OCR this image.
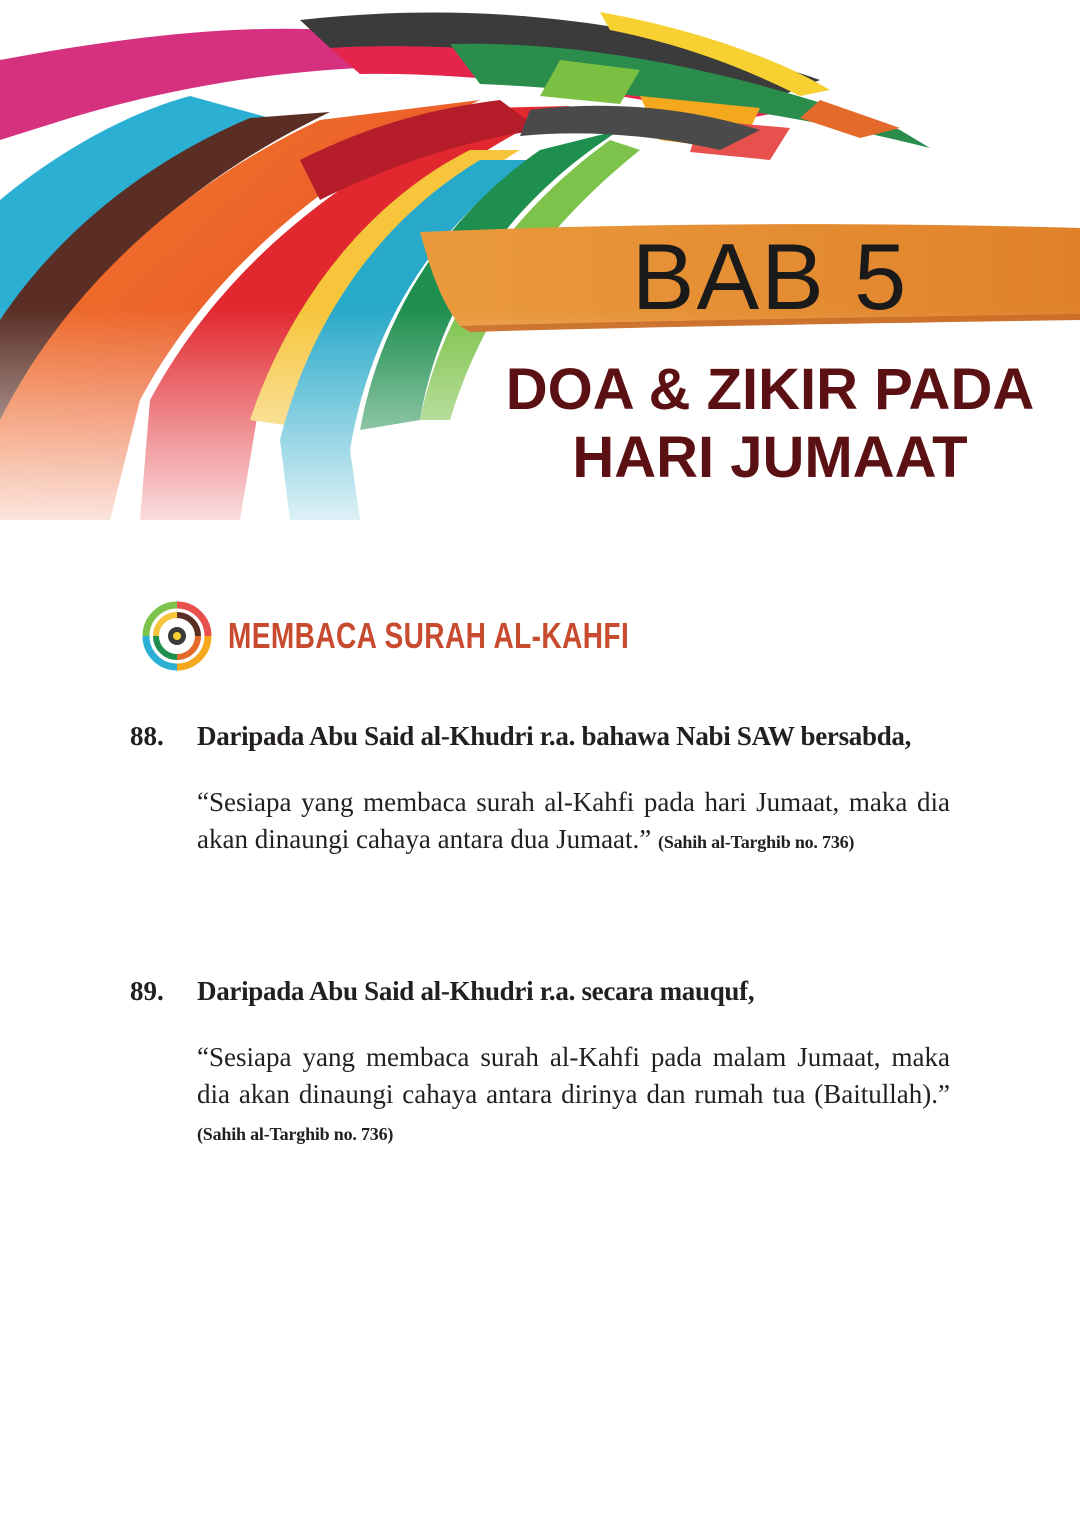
BAB 5
DOA & ZIKIR PADA
HARI JUMAAT
MEMBACA SURAH AL-KAHFI
88.	Daripada Abu Said al-Khudri r.a. bahawa Nabi SAW bersabda,
“Sesiapa yang membaca surah al-Kahfi pada hari Jumaat, maka dia akan dinaungi cahaya antara dua Jumaat.” (Sahih al-Targhib no. 736)
89.	Daripada Abu Said al-Khudri r.a. secara mauquf,
“Sesiapa yang membaca surah al-Kahfi pada malam Jumaat, maka dia akan dinaungi cahaya antara dirinya dan rumah tua (Baitullah).” (Sahih al-Targhib no. 736)
